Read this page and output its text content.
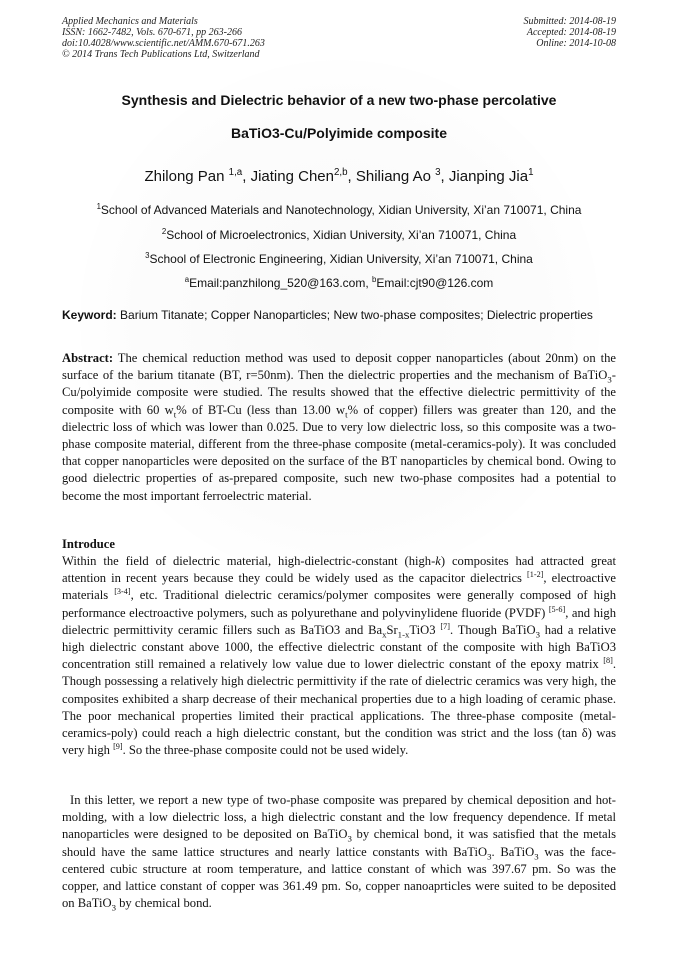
Applied Mechanics and Materials
ISSN: 1662-7482, Vols. 670-671, pp 263-266
doi:10.4028/www.scientific.net/AMM.670-671.263
© 2014 Trans Tech Publications Ltd, Switzerland
Submitted: 2014-08-19
Accepted: 2014-08-19
Online: 2014-10-08
Synthesis and Dielectric behavior of a new two-phase percolative
BaTiO3-Cu/Polyimide composite
Zhilong Pan $^{1,a}$, Jiating Chen$^{2,b}$, Shiliang Ao $^3$, Jianping Jia$^1$
$^1$School of Advanced Materials and Nanotechnology, Xidian University, Xi’an 710071, China
$^2$School of Microelectronics, Xidian University, Xi’an 710071, China
$^3$School of Electronic Engineering, Xidian University, Xi’an 710071, China
$^a$Email:panzhilong_520@163.com, $^b$Email:cjt90@126.com
Keyword: Barium Titanate; Copper Nanoparticles; New two-phase composites; Dielectric properties
Abstract: The chemical reduction method was used to deposit copper nanoparticles (about 20nm) on the surface of the barium titanate (BT, r=50nm). Then the dielectric properties and the mechanism of BaTiO$_3$-Cu/polyimide composite were studied. The results showed that the effective dielectric permittivity of the composite with 60 $w_t\%$ of BT-Cu (less than 13.00 $w_t\%$ of copper) fillers was greater than 120, and the dielectric loss of which was lower than 0.025. Due to very low dielectric loss, so this composite was a two-phase composite material, different from the three-phase composite (metal-ceramics-poly). It was concluded that copper nanoparticles were deposited on the surface of the BT nanoparticles by chemical bond. Owing to good dielectric properties of as-prepared composite, such new two-phase composites had a potential to become the most important ferroelectric material.
Introduce
Within the field of dielectric material, high-dielectric-constant (high-k) composites had attracted great attention in recent years because they could be widely used as the capacitor dielectrics [1-2], electroactive materials [3-4], etc. Traditional dielectric ceramics/polymer composites were generally composed of high performance electroactive polymers, such as polyurethane and polyvinylidene fluoride (PVDF) [5-6], and high dielectric permittivity ceramic fillers such as BaTiO3 and $Ba_xSr_{1-x}TiO3$ [7]. Though BaTiO$_3$ had a relative high dielectric constant above 1000, the effective dielectric constant of the composite with high BaTiO3 concentration still remained a relatively low value due to lower dielectric constant of the epoxy matrix [8]. Though possessing a relatively high dielectric permittivity if the rate of dielectric ceramics was very high, the composites exhibited a sharp decrease of their mechanical properties due to a high loading of ceramic phase. The poor mechanical properties limited their practical applications. The three-phase composite (metal-ceramics-poly) could reach a high dielectric constant, but the condition was strict and the loss (tan δ) was very high [9]. So the three-phase composite could not be used widely.
In this letter, we report a new type of two-phase composite was prepared by chemical deposition and hot-molding, with a low dielectric loss, a high dielectric constant and the low frequency dependence. If metal nanoparticles were designed to be deposited on BaTiO$_3$ by chemical bond, it was satisfied that the metals should have the same lattice structures and nearly lattice constants with BaTiO$_3$. BaTiO$_3$ was the face-centered cubic structure at room temperature, and lattice constant of which was 397.67 pm. So was the copper, and lattice constant of copper was 361.49 pm. So, copper nanoaprticles were suited to be deposited on BaTiO$_3$ by chemical bond.
